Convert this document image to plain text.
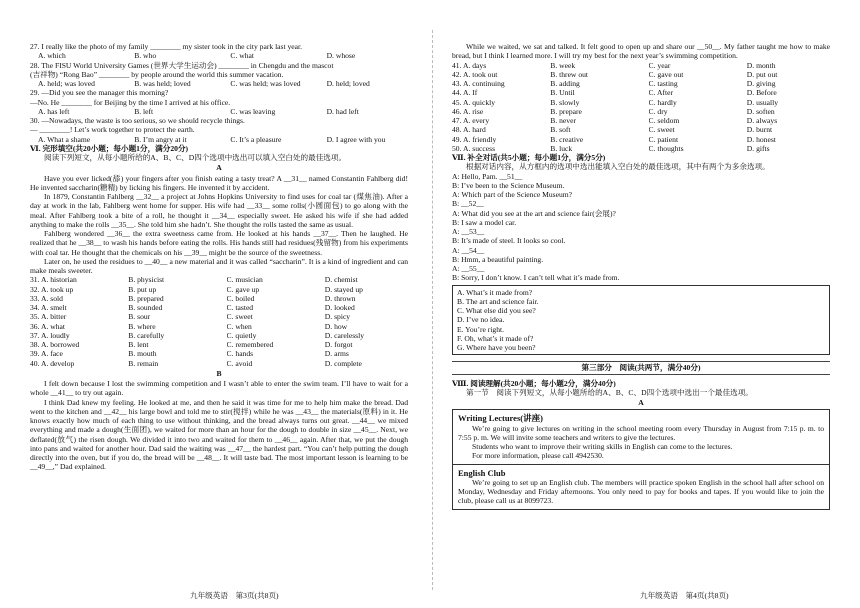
27. I really like the photo of my family ________ my sister took in the city park last year.

A. which	B. who	C. what	D. whose

28. The FISU World University Games (世界大学生运动会) ________ in Chengdu and the mascot

(吉祥物) “Rong Bao” ________ by people around the world this summer vacation.

A. held; was loved	B. was held; loved	C. was held; was loved	D. held; loved

29. —Did you see the manager this morning?

—No. He ________ for Beijing by the time I arrived at his office.

A. has left	B. left	C. was leaving	D. had left

30. —Nowadays, the waste is too serious, so we should recycle things.

— ________! Let’s work together to protect the earth.

A. What a shame	B. I’m angry at it	C. It’s a pleasure	D. I agree with you

Ⅵ. 完形填空(共20小题；每小题1分，满分20分)

阅读下列短文，从每小题所给的A、B、C、D四个选项中选出可以填入空白处的最佳选项。

A

Have you ever licked(舔) your fingers after you finish eating a tasty treat? A __31__ named Constantin Fahlberg did! He invented saccharin(糖精) by licking his fingers. He invented it by accident.

In 1879, Constantin Fahlberg __32__ a project at Johns Hopkins University to find uses for coal tar (煤焦油). After a day at work in the lab, Fahlberg went home for supper. His wife had __33__ some rolls(小圆面包) to go along with the meal. After Fahlberg took a bite of a roll, he thought it __34__ especially sweet. He asked his wife if she had added anything to make the rolls __35__. She told him she hadn’t. She thought the rolls tasted the same as usual.

Fahlberg wondered __36__ the extra sweetness came from. He looked at his hands __37__. Then he laughed. He realized that he __38__ to wash his hands before eating the rolls. His hands still had residues(残留物) from his experiments with coal tar. He thought that the chemicals on his __39__ might be the source of the sweetness.

Later on, he used the residues to __40__ a new material and it was called “saccharin”. It is a kind of ingredient and can make meals sweeter.

31. A. historian	B. physicist	C. musician	D. chemist
32. A. took up	B. put up	C. gave up	D. stayed up
33. A. sold	B. prepared	C. boiled	D. thrown
34. A. smelt	B. sounded	C. tasted	D. looked
35. A. bitter	B. sour	C. sweet	D. spicy
36. A. what	B. where	C. when	D. how
37. A. loudly	B. carefully	C. quietly	D. carelessly
38. A. borrowed	B. lent	C. remembered	D. forgot
39. A. face	B. mouth	C. hands	D. arms
40. A. develop	B. remain	C. avoid	D. complete

B

I felt down because I lost the swimming competition and I wasn’t able to enter the swim team. I’ll have to wait for a whole __41__ to try out again.

I think Dad knew my feeling. He looked at me, and then he said it was time for me to help him make the bread. Dad went to the kitchen and __42__ his large bowl and told me to stir(搅拌) while he was __43__ the materials(原料) in it. He knows exactly how much of each thing to use without thinking, and the bread always turns out great. __44__ we mixed everything and made a dough(生面团), we waited for more than an hour for the dough to double in size __45__. Next, we deflated(放气) the risen dough. We divided it into two and waited for them to __46__ again. After that, we put the dough into pans and waited for another hour. Dad said the waiting was __47__ the hardest part. “You can’t help putting the dough directly into the oven, but if you do, the bread will be __48__. It will taste bad. The most important lesson is learning to be __49__,” Dad explained.

九年级英语　第3页(共8页)

While we waited, we sat and talked. It felt good to open up and share our __50__. My father taught me how to make bread, but I think I learned more. I will try my best for the next year’s swimming competition.

41. A. days	B. week	C. year	D. month
42. A. took out	B. threw out	C. gave out	D. put out
43. A. continuing	B. adding	C. tasting	D. giving
44. A. If	B. Until	C. After	D. Before
45. A. quickly	B. slowly	C. hardly	D. usually
46. A. rise	B. prepare	C. dry	D. soften
47. A. every	B. never	C. seldom	D. always
48. A. hard	B. soft	C. sweet	D. burnt
49. A. friendly	B. creative	C. patient	D. honest
50. A. success	B. luck	C. thoughts	D. gifts

Ⅶ. 补全对话(共5小题；每小题1分，满分5分)

根据对话内容，从方框内的选项中选出能填入空白处的最佳选项，其中有两个为多余选项。

A: Hello, Pam. __51__

B: I’ve been to the Science Museum.

A: Which part of the Science Museum?

B: __52__

A: What did you see at the art and science fair(会展)?

B: I saw a model car.

A: __53__

B: It’s made of steel. It looks so cool.

A: __54__

B: Hmm, a beautiful painting.

A: __55__

B: Sorry, I don’t know. I can’t tell what it’s made from.

A. What’s it made from?

B. The art and science fair.

C. What else did you see?

D. I’ve no idea.

E. You’re right.

F. Oh, what’s it made of?

G. Where have you been?

第三部分　阅读(共两节，满分40分)

Ⅷ. 阅读理解(共20小题；每小题2分，满分40分)

第一节　阅读下列短文，从每小题所给的A、B、C、D四个选项中选出一个最佳选项。

A

Writing Lectures(讲座)

We’re going to give lectures on writing in the school meeting room every Thursday in August from 7:15 p. m. to 7:55 p. m. We will invite some teachers and writers to give the lectures.

Students who want to improve their writing skills in English can come to the lectures.

For more information, please call 4942530.

English Club

We’re going to set up an English club. The members will practice spoken English in the school hall after school on Monday, Wednesday and Friday afternoons. You only need to pay for books and tapes. If you would like to join the club, please call us at 8099723.

九年级英语　第4页(共8页)
